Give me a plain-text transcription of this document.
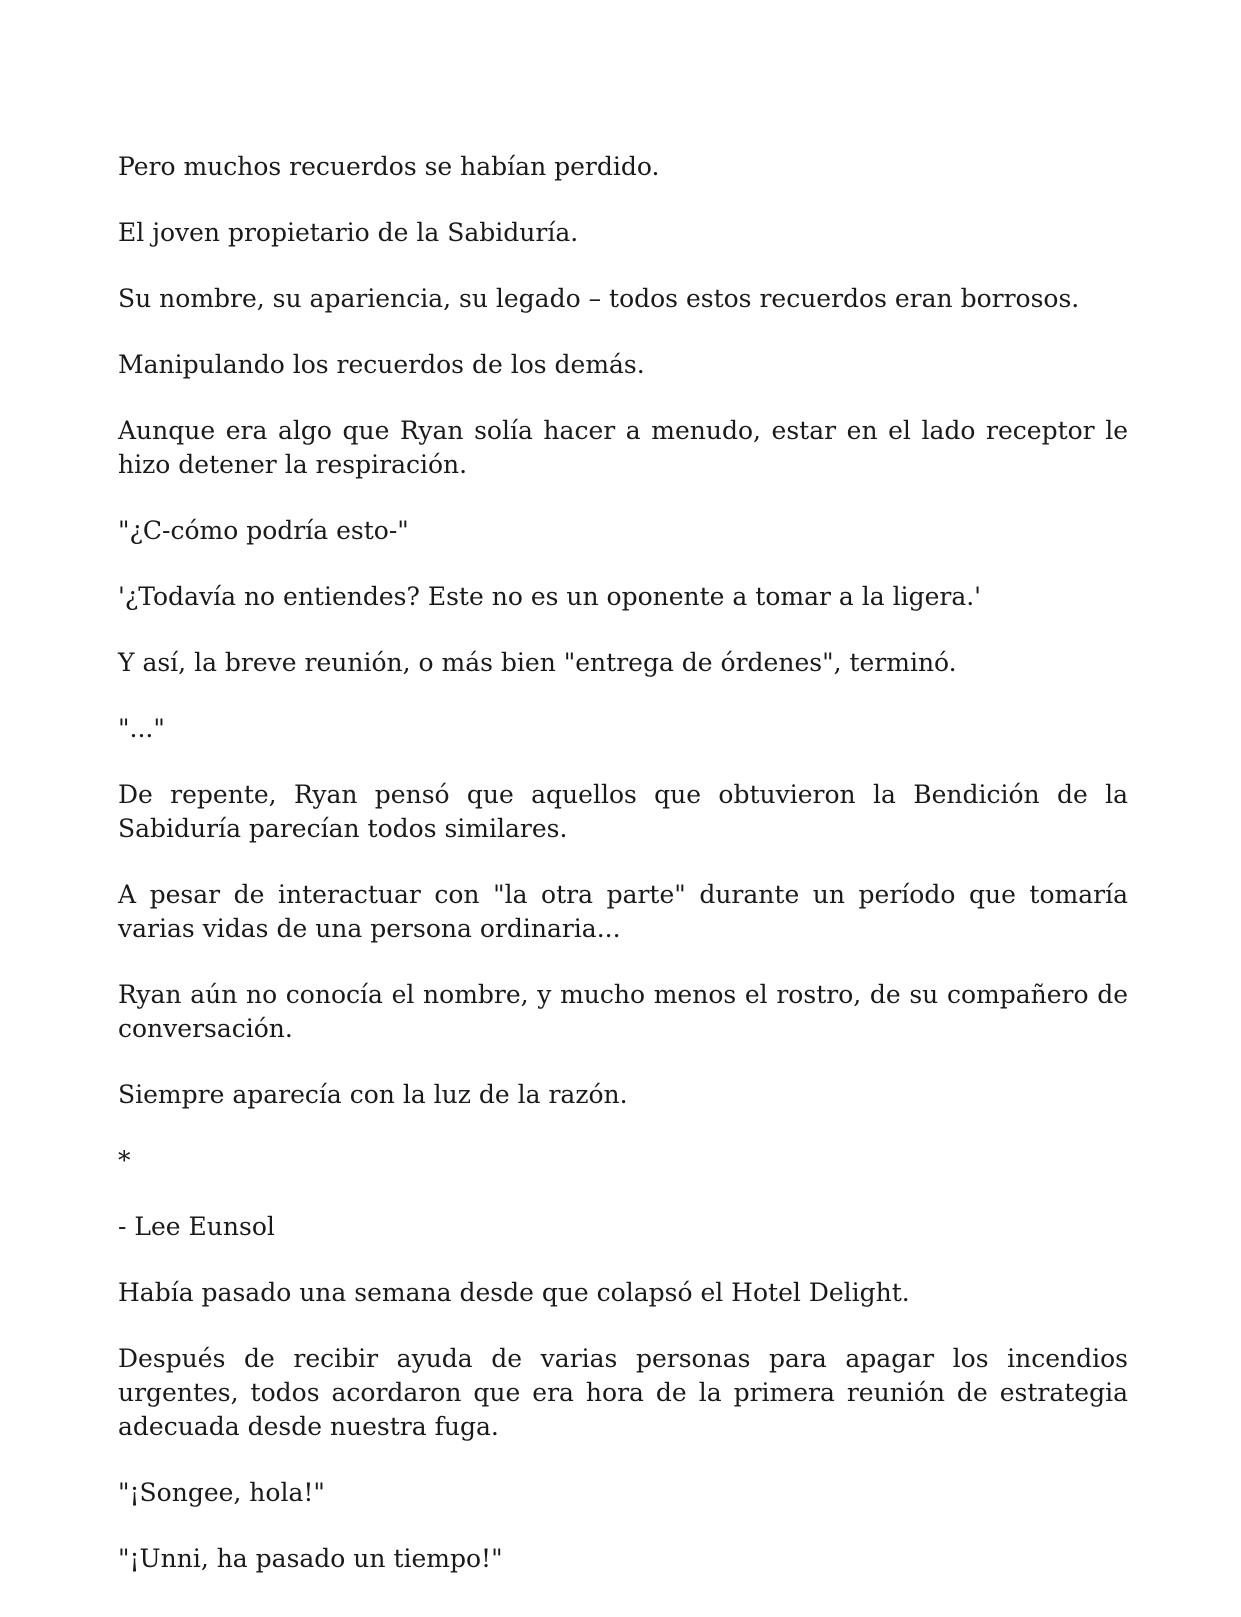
Pero muchos recuerdos se habían perdido.

El joven propietario de la Sabiduría.

Su nombre, su apariencia, su legado – todos estos recuerdos eran borrosos.

Manipulando los recuerdos de los demás.

Aunque era algo que Ryan solía hacer a menudo, estar en el lado receptor le hizo detener la respiración.

"¿C-cómo podría esto-"

'¿Todavía no entiendes? Este no es un oponente a tomar a la ligera.'

Y así, la breve reunión, o más bien "entrega de órdenes", terminó.

"..."

De repente, Ryan pensó que aquellos que obtuvieron la Bendición de la Sabiduría parecían todos similares.

A pesar de interactuar con "la otra parte" durante un período que tomaría varias vidas de una persona ordinaria...

Ryan aún no conocía el nombre, y mucho menos el rostro, de su compañero de conversación.

Siempre aparecía con la luz de la razón.

*

- Lee Eunsol

Había pasado una semana desde que colapsó el Hotel Delight.

Después de recibir ayuda de varias personas para apagar los incendios urgentes, todos acordaron que era hora de la primera reunión de estrategia adecuada desde nuestra fuga.

"¡Songee, hola!"

"¡Unni, ha pasado un tiempo!"
